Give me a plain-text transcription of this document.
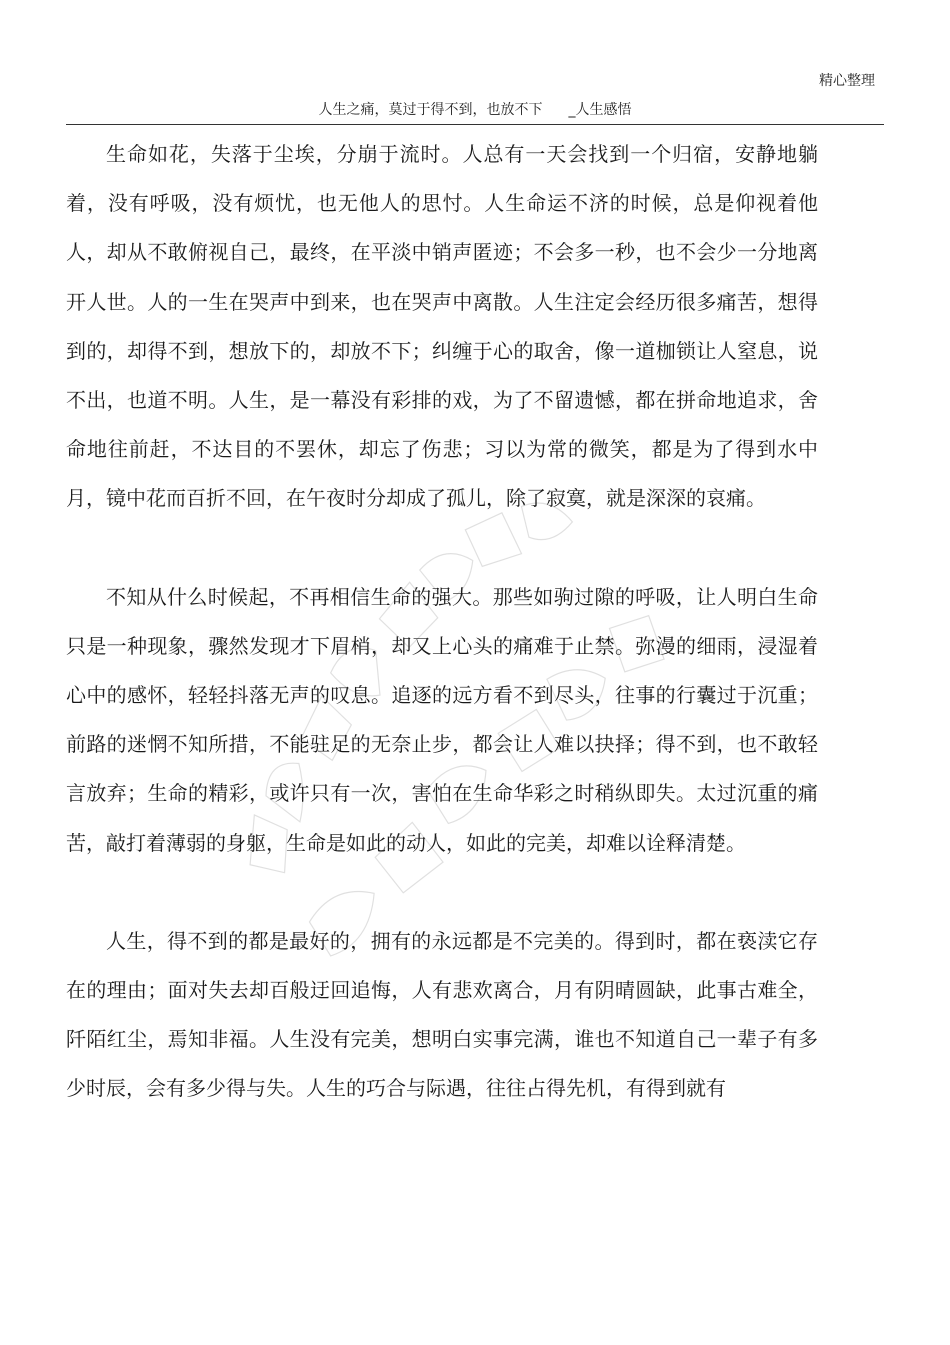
精心整理
人生之痛，莫过于得不到，也放不下 _人生感悟

生命如花，失落于尘埃，分崩于流时。人总有一天会找到一个归宿，安静地躺着，没有呼吸，没有烦忧，也无他人的思忖。人生命运不济的时候，总是仰视着他人，却从不敢俯视自己，最终，在平淡中销声匿迹；不会多一秒，也不会少一分地离开人世。人的一生在哭声中到来，也在哭声中离散。人生注定会经历很多痛苦，想得到的，却得不到，想放下的，却放不下；纠缠于心的取舍，像一道枷锁让人窒息，说不出，也道不明。人生，是一幕没有彩排的戏，为了不留遗憾，都在拼命地追求，舍命地往前赶，不达目的不罢休，却忘了伤悲；习以为常的微笑，都是为了得到水中月，镜中花而百折不回，在午夜时分却成了孤儿，除了寂寞，就是深深的哀痛。

不知从什么时候起，不再相信生命的强大。那些如驹过隙的呼吸，让人明白生命只是一种现象，骤然发现才下眉梢，却又上心头的痛难于止禁。弥漫的细雨，浸湿着心中的感怀，轻轻抖落无声的叹息。追逐的远方看不到尽头，往事的行囊过于沉重；前路的迷惘不知所措，不能驻足的无奈止步，都会让人难以抉择；得不到，也不敢轻言放弃；生命的精彩，或许只有一次，害怕在生命华彩之时稍纵即失。太过沉重的痛苦，敲打着薄弱的身躯，生命是如此的动人，如此的完美，却难以诠释清楚。

人生，得不到的都是最好的，拥有的永远都是不完美的。得到时，都在亵渎它存在的理由；面对失去却百般迂回追悔，人有悲欢离合，月有阴晴圆缺，此事古难全，阡陌红尘，焉知非福。人生没有完美，想明白实事完满，谁也不知道自己一辈子有多少时辰，会有多少得与失。人生的巧合与际遇，往往占得先机，有得到就有
